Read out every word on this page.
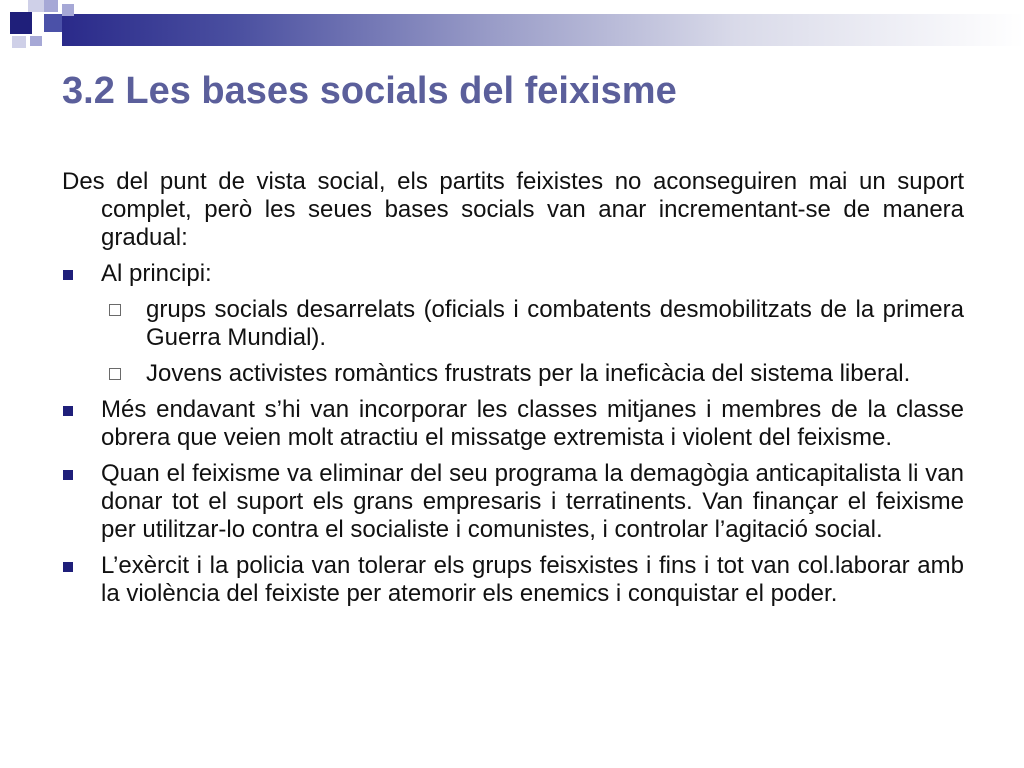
3.2 Les bases socials del feixisme

Des del punt de vista social, els partits feixistes no aconseguiren mai un suport complet, però les seues bases socials van anar incrementant-se de manera gradual:

Al principi:
grups socials desarrelats (oficials i combatents desmobilitzats de la primera Guerra Mundial).
Jovens activistes romàntics frustrats per la ineficàcia del sistema liberal.
Més endavant s’hi van incorporar les classes mitjanes i membres de la classe obrera que veien molt atractiu el missatge extremista i violent del feixisme.
Quan el feixisme va eliminar del seu programa la demagògia anticapitalista li van donar tot el suport els grans empresaris i terratinents. Van finançar el feixisme per utilitzar-lo contra el socialiste i comunistes, i controlar l’agitació social.
L’exèrcit i la policia van tolerar els grups feisxistes i fins i tot van col.laborar amb la violència del feixiste per atemorir els enemics i conquistar el poder.
